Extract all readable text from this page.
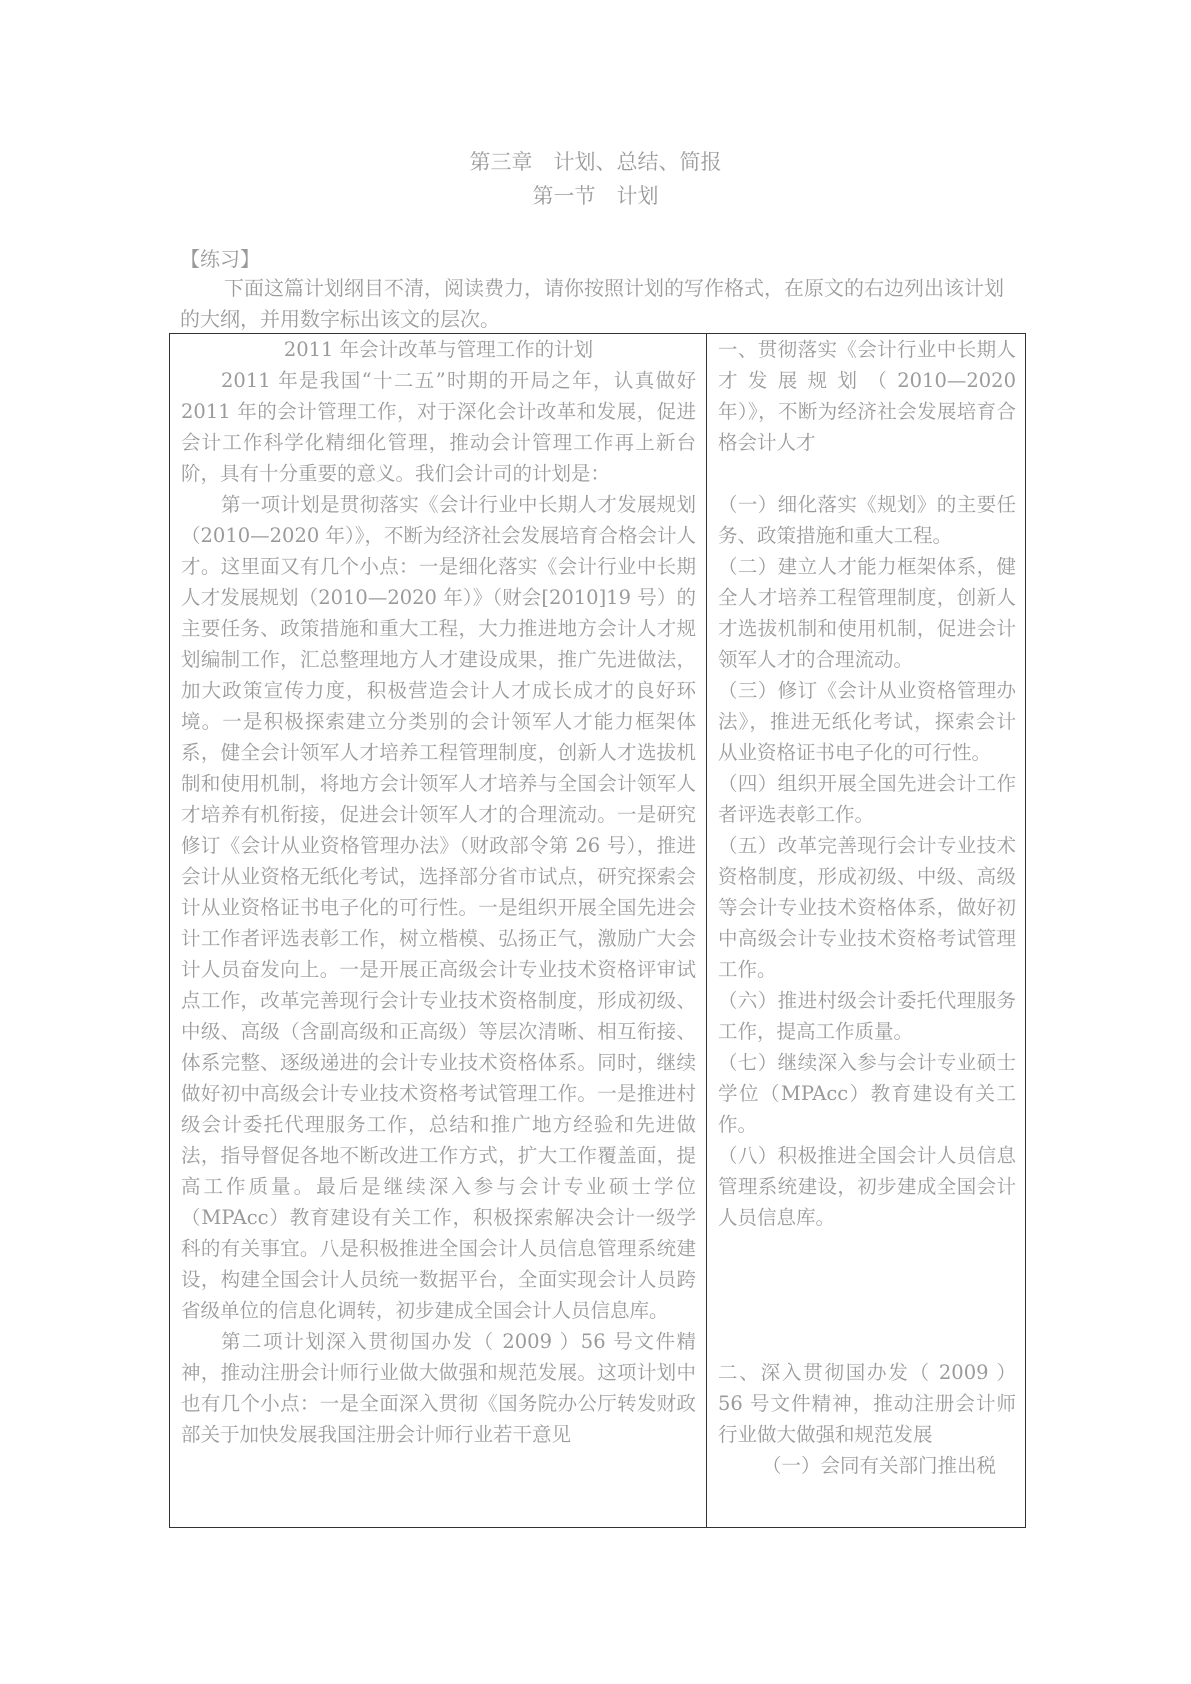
第三章　计划、总结、简报
第一节　计划
【练习】
下面这篇计划纲目不清，阅读费力，请你按照计划的写作格式，在原文的右边列出该计划的大纲，并用数字标出该文的层次。
2011 年会计改革与管理工作的计划

2011 年是我国“十二五”时期的开局之年，认真做好 2011 年的会计管理工作，对于深化会计改革和发展，促进会计工作科学化精细化管理，推动会计管理工作再上新台阶，具有十分重要的意义。我们会计司的计划是：

第一项计划是贯彻落实《会计行业中长期人才发展规划（2010—2020 年）》，不断为经济社会发展培育合格会计人才。这里面又有几个小点：一是细化落实《会计行业中长期人才发展规划（2010—2020 年）》（财会[2010]19 号）的主要任务、政策措施和重大工程，大力推进地方会计人才规划编制工作，汇总整理地方人才建设成果，推广先进做法，加大政策宣传力度，积极营造会计人才成长成才的良好环境。一是积极探索建立分类别的会计领军人才能力框架体系，健全会计领军人才培养工程管理制度，创新人才选拔机制和使用机制，将地方会计领军人才培养与全国会计领军人才培养有机衔接，促进会计领军人才的合理流动。一是研究修订《会计从业资格管理办法》（财政部令第 26 号），推进会计从业资格无纸化考试，选择部分省市试点，研究探索会计从业资格证书电子化的可行性。一是组织开展全国先进会计工作者评选表彰工作，树立楷模、弘扬正气，激励广大会计人员奋发向上。一是开展正高级会计专业技术资格评审试点工作，改革完善现行会计专业技术资格制度，形成初级、中级、高级（含副高级和正高级）等层次清晰、相互衔接、体系完整、逐级递进的会计专业技术资格体系。同时，继续做好初中高级会计专业技术资格考试管理工作。一是推进村级会计委托代理服务工作，总结和推广地方经验和先进做法，指导督促各地不断改进工作方式，扩大工作覆盖面，提高工作质量。最后是继续深入参与会计专业硕士学位（MPAcc）教育建设有关工作，积极探索解决会计一级学科的有关事宜。八是积极推进全国会计人员信息管理系统建设，构建全国会计人员统一数据平台，全面实现会计人员跨省级单位的信息化调转，初步建成全国会计人员信息库。

第二项计划深入贯彻国办发（ 2009 ）56 号文件精神，推动注册会计师行业做大做强和规范发展。这项计划中也有几个小点：一是全面深入贯彻《国务院办公厅转发财政部关于加快发展我国注册会计师行业若干意见

一、贯彻落实《会计行业中长期人才发展规划（2010—2020 年）》，不断为经济社会发展培育合格会计人才

（一）细化落实《规划》的主要任务、政策措施和重大工程。

（二）建立人才能力框架体系，健全人才培养工程管理制度，创新人才选拔机制和使用机制，促进会计领军人才的合理流动。

（三）修订《会计从业资格管理办法》，推进无纸化考试，探索会计从业资格证书电子化的可行性。

（四）组织开展全国先进会计工作者评选表彰工作。

（五）改革完善现行会计专业技术资格制度，形成初级、中级、高级等会计专业技术资格体系，做好初中高级会计专业技术资格考试管理工作。

（六）推进村级会计委托代理服务工作，提高工作质量。

（七）继续深入参与会计专业硕士学位（MPAcc）教育建设有关工作。

（八）积极推进全国会计人员信息管理系统建设，初步建成全国会计人员信息库。

二、深入贯彻国办发（ 2009 ）56 号文件精神，推动注册会计师行业做大做强和规范发展

（一）会同有关部门推出税
